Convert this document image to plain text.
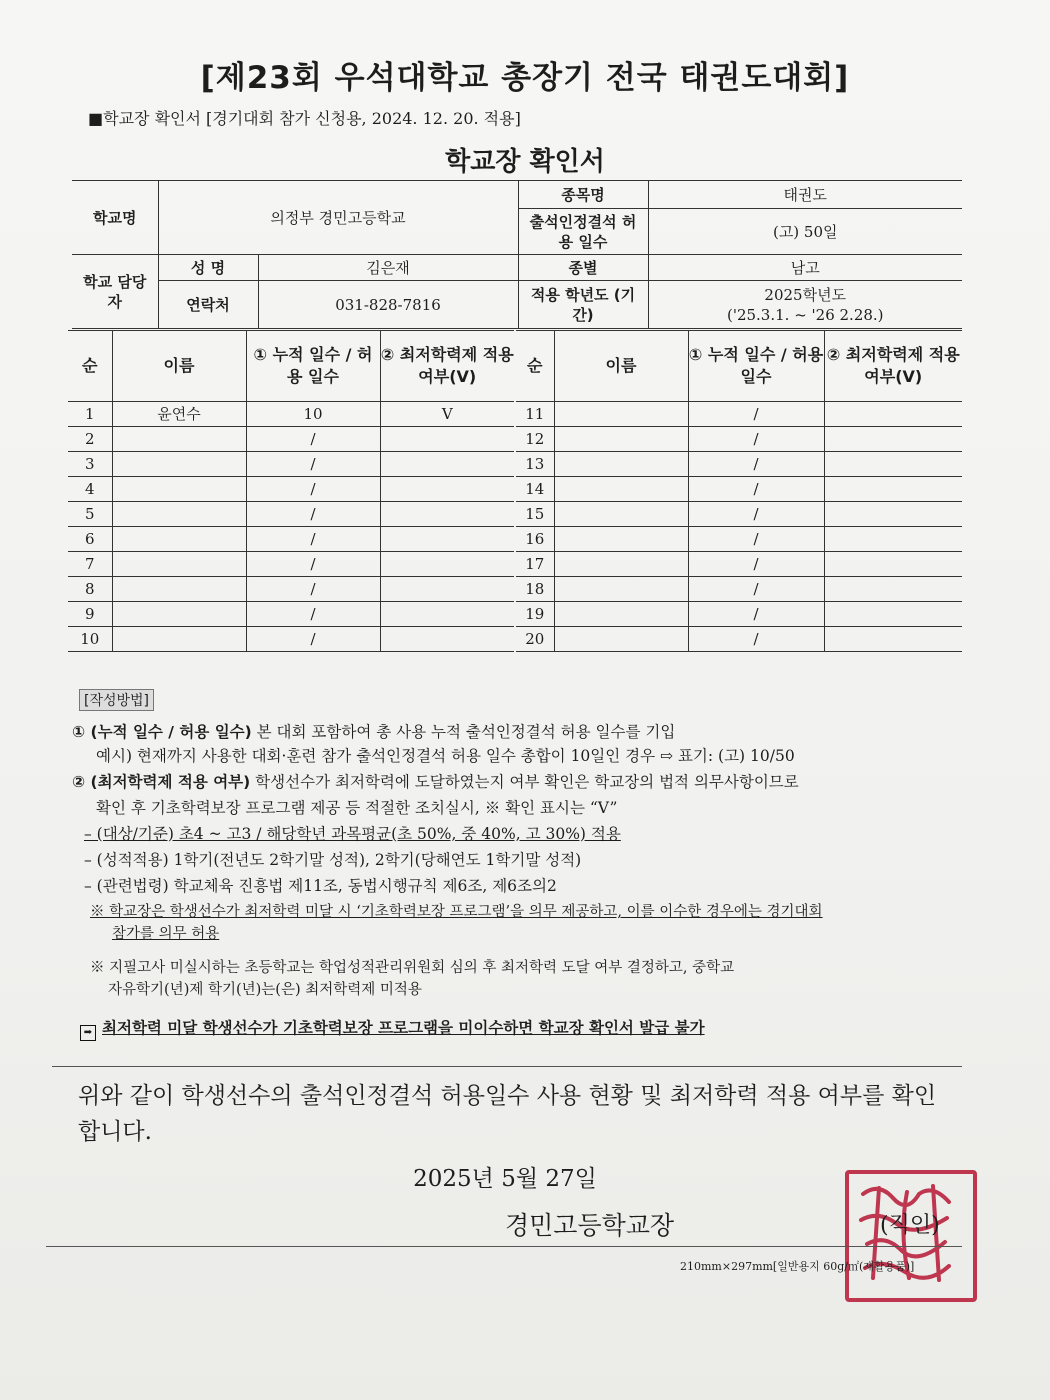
[제23회 우석대학교 총장기 전국 태권도대회]
■학교장 확인서 [경기대회 참가 신청용, 2024. 12. 20. 적용]
학교장 확인서
학교명	의정부 경민고등학교		종목명	태권도
			출석인정결석 허용 일수	(고) 50일
학교 담당자	성 명	김은재	종별	남고
	연락처	031-828-7816	적용 학년도 (기간)	2025학년도
('25.3.1. ~ '26 2.28.)
순	이름	① 누적 일수 / 허용 일수	② 최저학력제 적용 여부(V)
1	윤연수	10	V
2		/	
3		/	
4		/	
5		/	
6		/	
7		/	
8		/	
9		/	
10		/	
순	이름	① 누적 일수 / 허용 일수	② 최저학력제 적용 여부(V)
11		/	
12		/	
13		/	
14		/	
15		/	
16		/	
17		/	
18		/	
19		/	
20		/	
[작성방법]
① (누적 일수 / 허용 일수) 본 대회 포함하여 총 사용 누적 출석인정결석 허용 일수를 기입
예시) 현재까지 사용한 대회·훈련 참가 출석인정결석 허용 일수 총합이 10일인 경우 ⇨ 표기: (고) 10/50
② (최저학력제 적용 여부) 학생선수가 최저학력에 도달하였는지 여부 확인은 학교장의 법적 의무사항이므로
확인 후 기초학력보장 프로그램 제공 등 적절한 조치실시, ※ 확인 표시는 “V”
– (대상/기준) 초4 ~ 고3 / 해당학년 과목평균(초 50%, 중 40%, 고 30%) 적용
– (성적적용) 1학기(전년도 2학기말 성적), 2학기(당해연도 1학기말 성적)
– (관련법령) 학교체육 진흥법 제11조, 동법시행규칙 제6조, 제6조의2
※ 학교장은 학생선수가 최저학력 미달 시 ‘기초학력보장 프로그램’을 의무 제공하고, 이를 이수한 경우에는 경기대회
참가를 의무 허용
※ 지필고사 미실시하는 초등학교는 학업성적관리위원회 심의 후 최저학력 도달 여부 결정하고, 중학교
자유학기(년)제 학기(년)는(은) 최저학력제 미적용
➡ 최저학력 미달 학생선수가 기초학력보장 프로그램을 미이수하면 학교장 확인서 발급 불가
위와 같이 학생선수의 출석인정결석 허용일수 사용 현황 및 최저학력 적용 여부를 확인합니다.
2025년 5월 27일
경민고등학교장	(직인)
210mm×297mm[일반용지 60g/㎡(재활용품)]
